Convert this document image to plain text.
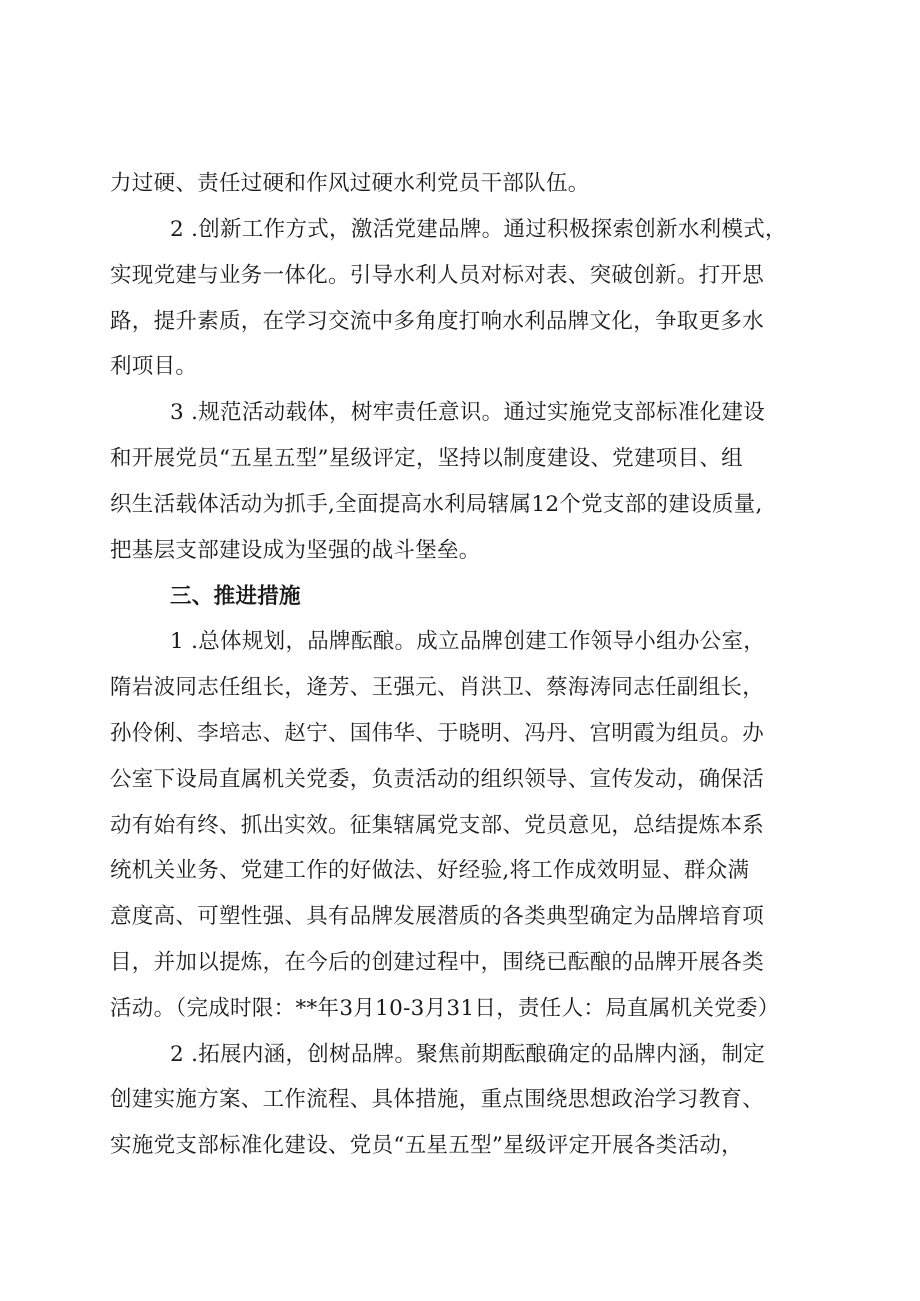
力过硬、责任过硬和作风过硬水利党员干部队伍。
2 .创新工作方式，激活党建品牌。通过积极探索创新水利模式，
实现党建与业务一体化。引导水利人员对标对表、突破创新。打开思
路，提升素质，在学习交流中多角度打响水利品牌文化，争取更多水
利项目。
3 .规范活动载体，树牢责任意识。通过实施党支部标准化建设
和开展党员“五星五型”星级评定，坚持以制度建设、党建项目、组
织生活载体活动为抓手,全面提高水利局辖属12个党支部的建设质量,
把基层支部建设成为坚强的战斗堡垒。
三、推进措施
1 .总体规划，品牌酝酿。成立品牌创建工作领导小组办公室，
隋岩波同志任组长，逄芳、王强元、肖洪卫、蔡海涛同志任副组长，
孙伶俐、李培志、赵宁、国伟华、于晓明、冯丹、宫明霞为组员。办
公室下设局直属机关党委，负责活动的组织领导、宣传发动，确保活
动有始有终、抓出实效。征集辖属党支部、党员意见，总结提炼本系
统机关业务、党建工作的好做法、好经验,将工作成效明显、群众满
意度高、可塑性强、具有品牌发展潜质的各类典型确定为品牌培育项
目，并加以提炼，在今后的创建过程中，围绕已酝酿的品牌开展各类
活动。（完成时限：**年3月10-3月31日，责任人：局直属机关党委）
2 .拓展内涵，创树品牌。聚焦前期酝酿确定的品牌内涵，制定
创建实施方案、工作流程、具体措施，重点围绕思想政治学习教育、
实施党支部标准化建设、党员“五星五型”星级评定开展各类活动，
